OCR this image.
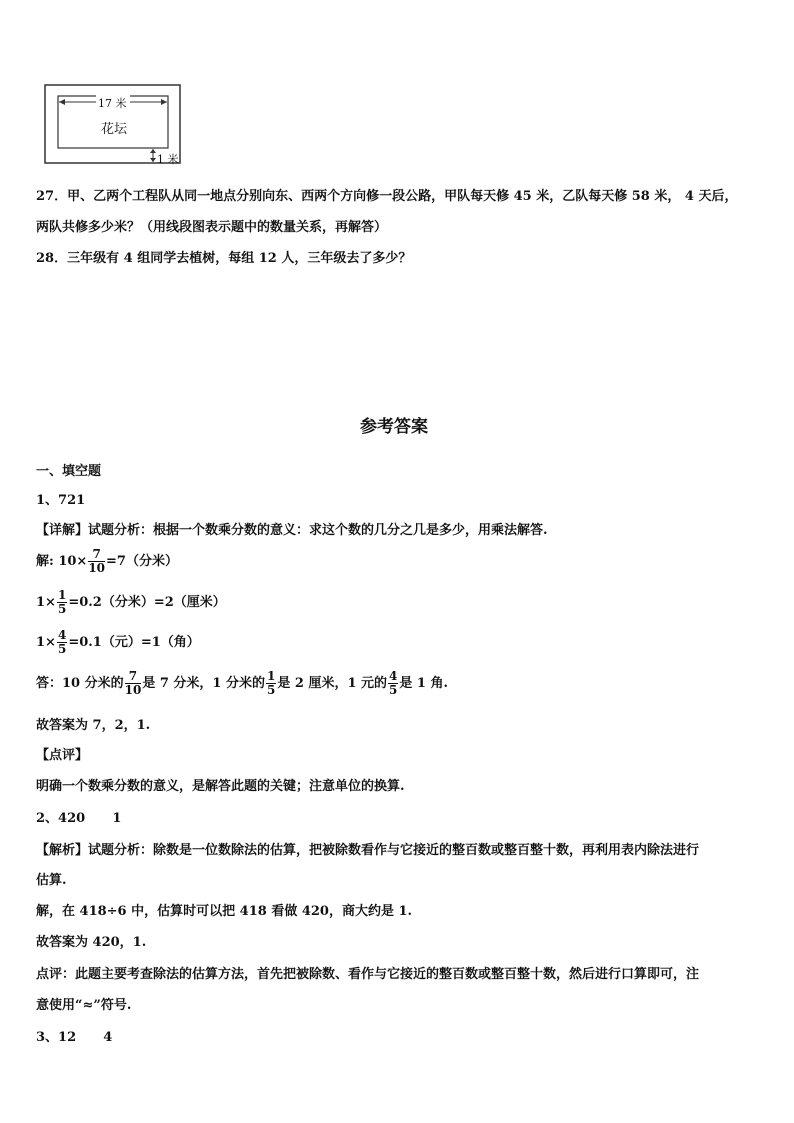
17 米
花坛
1 米
27．甲、乙两个工程队从同一地点分别向东、西两个方向修一段公路，甲队每天修 45 米，乙队每天修 58 米， 4 天后，
两队共修多少米？（用线段图表示题中的数量关系，再解答）
28．三年级有 4 组同学去植树，每组 12 人，三年级去了多少？
参考答案
一、填空题
1、721
【详解】试题分析：根据一个数乘分数的意义：求这个数的几分之几是多少，用乘法解答.
解: $10\times \frac{7}{10} =7$（分米）
$1\times \frac{1}{5} =0.2$（分米）=2（厘米）
$1\times \frac{4}{5} =0.1$（元）=1（角）
答：10 分米的 $\frac{7}{10}$ 是 7 分米，1 分米的 $\frac{1}{5}$ 是 2 厘米，1 元的 $\frac{4}{5}$ 是 1 角.
故答案为 7，2，1.
【点评】
明确一个数乘分数的意义，是解答此题的关键；注意单位的换算.
2、420      1
【解析】试题分析：除数是一位数除法的估算，把被除数看作与它接近的整百数或整百整十数，再利用表内除法进行
估算.
解，在 418÷6 中，估算时可以把 418 看做 420，商大约是 1.
故答案为 420，1.
点评：此题主要考查除法的估算方法，首先把被除数、看作与它接近的整百数或整百整十数，然后进行口算即可，注
意使用“≈”符号.
3、12      4
